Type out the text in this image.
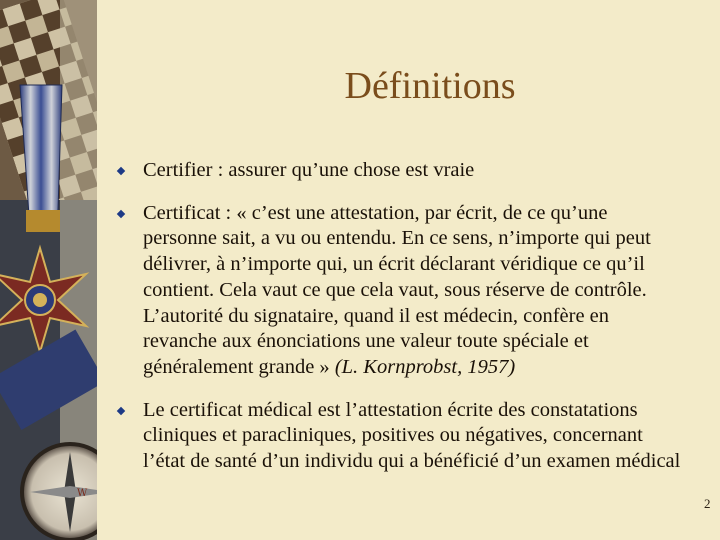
W
Définitions
Certifier : assurer qu’une chose est vraie
Certificat : « c’est une attestation, par écrit, de ce qu’une personne sait, a vu ou entendu. En ce sens, n’importe qui peut délivrer, à n’importe qui, un écrit déclarant véridique ce qu’il contient. Cela vaut ce que cela vaut, sous réserve de contrôle. L’autorité du signataire, quand il est médecin, confère en revanche aux énonciations une valeur toute spéciale et généralement grande » (L. Kornprobst, 1957)
Le certificat médical est l’attestation écrite des constatations cliniques et paracliniques, positives ou négatives, concernant l’état de santé d’un individu qui a bénéficié d’un examen médical
2
